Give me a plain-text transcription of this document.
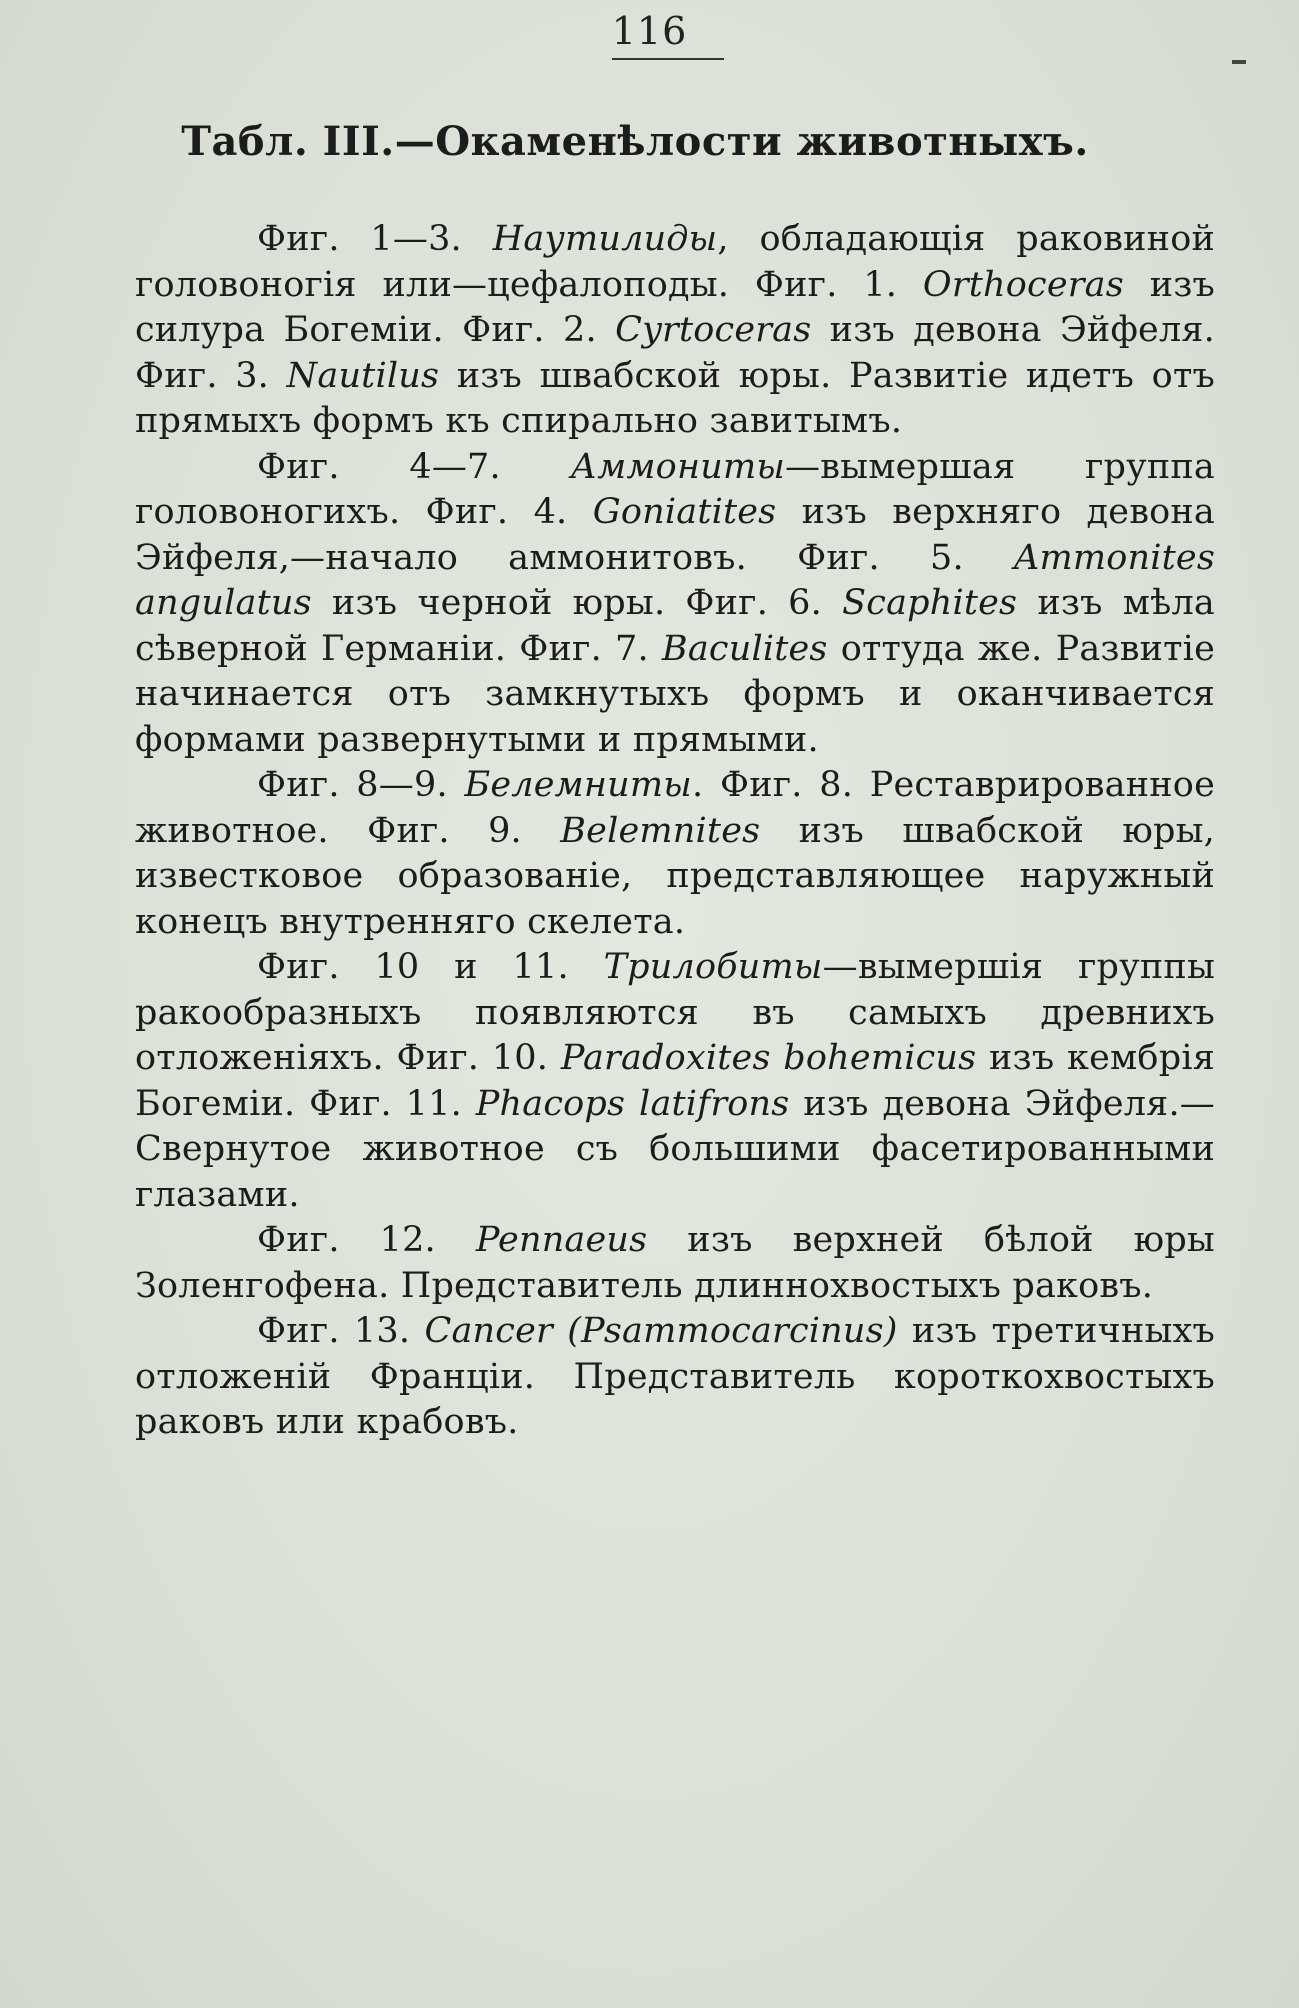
116
Табл. III.—Окаменѣлости животныхъ.

Фиг. 1—3. Наутилиды, обладающія раковиной головоногія или—цефалоподы. Фиг. 1. Orthoceras изъ силура Богеміи. Фиг. 2. Cyrtoceras изъ девона Эйфеля. Фиг. 3. Nautilus изъ швабской юры. Развитіе идетъ отъ прямыхъ формъ къ спирально завитымъ.

Фиг. 4—7. Аммониты—вымершая группа головоногихъ. Фиг. 4. Goniatites изъ верхняго девона Эйфеля,—начало аммонитовъ. Фиг. 5. Ammonites angulatus изъ черной юры. Фиг. 6. Scaphites изъ мѣла сѣверной Германіи. Фиг. 7. Baculites оттуда же. Развитіе начинается отъ замкнутыхъ формъ и оканчивается формами развернутыми и прямыми.

Фиг. 8—9. Белемниты. Фиг. 8. Реставрированное животное. Фиг. 9. Belemnites изъ швабской юры, известковое образованіе, представляющее наружный конецъ внутренняго скелета.

Фиг. 10 и 11. Трилобиты—вымершія группы ракообразныхъ появляются въ самыхъ древнихъ отложеніяхъ. Фиг. 10. Paradoxites bohemicus изъ кембрія Богеміи. Фиг. 11. Phacops latifrons изъ девона Эйфеля.—Свернутое животное съ большими фасетированными глазами.

Фиг. 12. Pennaeus изъ верхней бѣлой юры Золенгофена. Представитель длиннохвостыхъ раковъ.

Фиг. 13. Cancer (Psammocarcinus) изъ третичныхъ отложеній Франціи. Представитель короткохвостыхъ раковъ или крабовъ.
